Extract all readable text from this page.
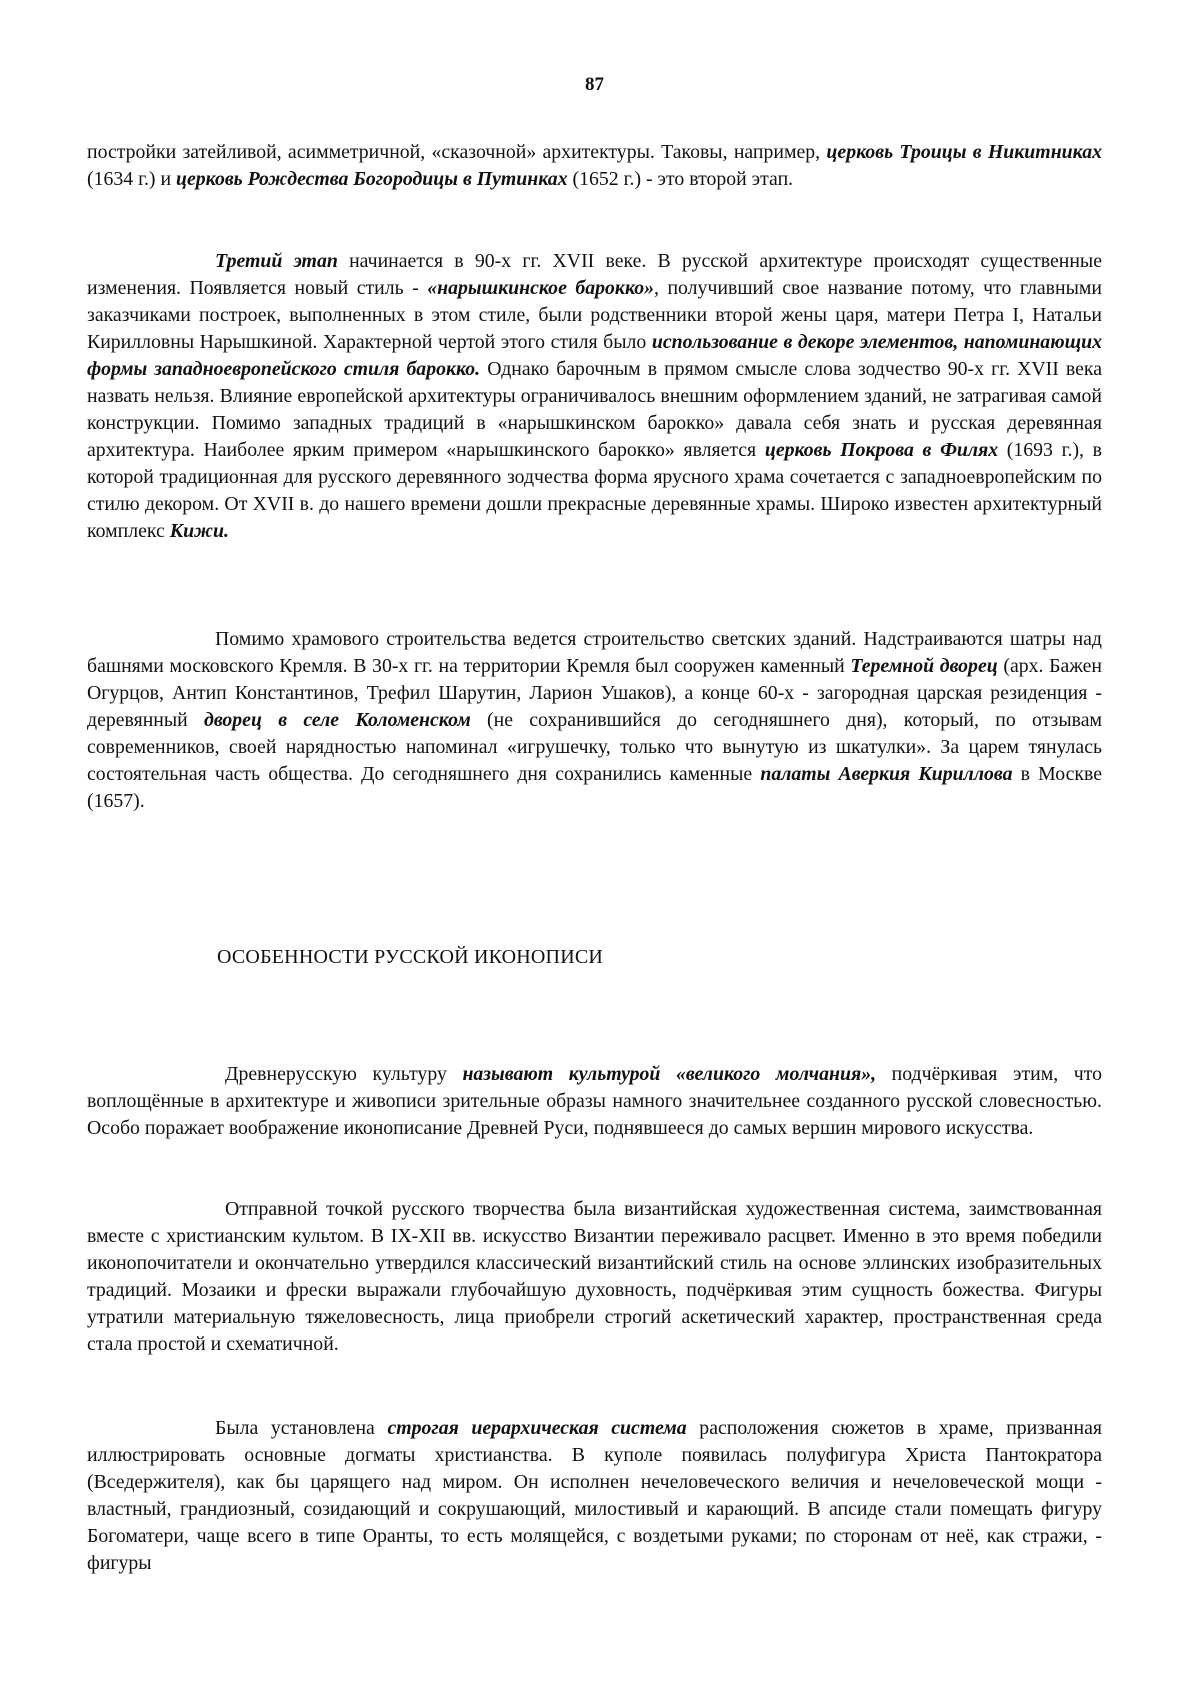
87

постройки затейливой, асимметричной, «сказочной» архитектуры. Таковы, например, церковь Троицы в Никитниках (1634 г.) и церковь Рождества Богородицы в Путинках (1652 г.) - это второй этап.

Третий этап начинается в 90-х гг. XVII веке. В русской архитектуре происходят существенные изменения. Появляется новый стиль - «нарышкинское барокко», получивший свое название потому, что главными заказчиками построек, выполненных в этом стиле, были родственники второй жены царя, матери Петра I, Натальи Кирилловны Нарышкиной. Характерной чертой этого стиля было использование в декоре элементов, напоминающих формы западноевропейского стиля барокко. Однако барочным в прямом смысле слова зодчество 90-х гг. XVII века назвать нельзя. Влияние европейской архитектуры ограничивалось внешним оформлением зданий, не затрагивая самой конструкции. Помимо западных традиций в «нарышкинском барокко» давала себя знать и русская деревянная архитектура. Наиболее ярким примером «нарышкинского барокко» является церковь Покрова в Филях (1693 г.), в которой традиционная для русского деревянного зодчества форма ярусного храма сочетается с западноевропейским по стилю декором. От XVII в. до нашего времени дошли прекрасные деревянные храмы. Широко известен архитектурный комплекс Кижи.

Помимо храмового строительства ведется строительство светских зданий. Надстраиваются шатры над башнями московского Кремля. В 30-х гг. на территории Кремля был сооружен каменный Теремной дворец (арх. Бажен Огурцов, Антип Константинов, Трефил Шарутин, Ларион Ушаков), а конце 60-х - загородная царская резиденция - деревянный дворец в селе Коломенском (не сохранившийся до сегодняшнего дня), который, по отзывам современников, своей нарядностью напоминал «игрушечку, только что вынутую из шкатулки». За царем тянулась состоятельная часть общества. До сегодняшнего дня сохранились каменные палаты Аверкия Кириллова в Москве (1657).

ОСОБЕННОСТИ РУССКОЙ ИКОНОПИСИ

Древнерусскую культуру называют культурой «великого молчания», подчёркивая этим, что воплощённые в архитектуре и живописи зрительные образы намного значительнее созданного русской словесностью. Особо поражает воображение иконописание Древней Руси, поднявшееся до самых вершин мирового искусства.

Отправной точкой русского творчества была византийская художественная система, заимствованная вместе с христианским культом. В IX-XII вв. искусство Византии переживало расцвет. Именно в это время победили иконопочитатели и окончательно утвердился классический византийский стиль на основе эллинских изобразительных традиций. Мозаики и фрески выражали глубочайшую духовность, подчёркивая этим сущность божества. Фигуры утратили материальную тяжеловесность, лица приобрели строгий аскетический характер, пространственная среда стала простой и схематичной.

Была установлена строгая иерархическая система расположения сюжетов в храме, призванная иллюстрировать основные догматы христианства. В куполе появилась полуфигура Христа Пантократора (Вседержителя), как бы царящего над миром. Он исполнен нечеловеческого величия и нечеловеческой мощи - властный, грандиозный, созидающий и сокрушающий, милостивый и карающий. В апсиде стали помещать фигуру Богоматери, чаще всего в типе Оранты, то есть молящейся, с воздетыми руками; по сторонам от неё, как стражи, - фигуры
